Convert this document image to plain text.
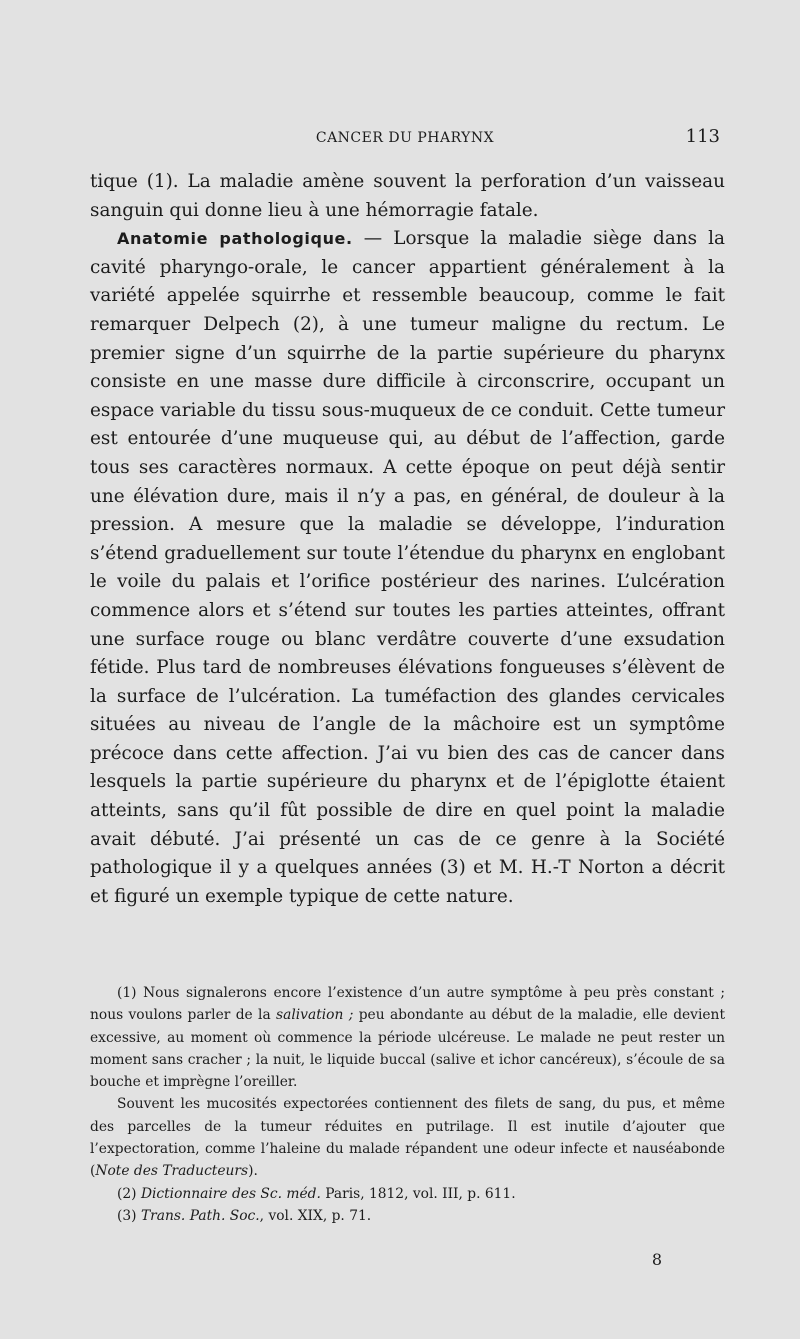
CANCER DU PHARYNX	113

tique (1). La maladie amène souvent la perforation d’un vaisseau sanguin qui donne lieu à une hémorragie fatale.

Anatomie pathologique. — Lorsque la maladie siège dans la cavité pharyngo-orale, le cancer appartient généralement à la variété appelée squirrhe et ressemble beaucoup, comme le fait remarquer Delpech (2), à une tumeur maligne du rectum. Le premier signe d’un squirrhe de la partie supérieure du pharynx consiste en une masse dure difficile à circonscrire, occupant un espace variable du tissu sous-muqueux de ce conduit. Cette tumeur est entourée d’une muqueuse qui, au début de l’affection, garde tous ses caractères normaux. A cette époque on peut déjà sentir une élévation dure, mais il n’y a pas, en général, de douleur à la pression. A mesure que la maladie se développe, l’induration s’étend graduellement sur toute l’étendue du pharynx en englobant le voile du palais et l’orifice postérieur des narines. L’ulcération commence alors et s’étend sur toutes les parties atteintes, offrant une surface rouge ou blanc verdâtre couverte d’une exsudation fétide. Plus tard de nombreuses élévations fongueuses s’élèvent de la surface de l’ulcération. La tuméfaction des glandes cervicales situées au niveau de l’angle de la mâchoire est un symptôme précoce dans cette affection. J’ai vu bien des cas de cancer dans lesquels la partie supérieure du pharynx et de l’épiglotte étaient atteints, sans qu’il fût possible de dire en quel point la maladie avait débuté. J’ai présenté un cas de ce genre à la Société pathologique il y a quelques années (3) et M. H.-T Norton a décrit et figuré un exemple typique de cette nature.

(1) Nous signalerons encore l’existence d’un autre symptôme à peu près constant ; nous voulons parler de la salivation ; peu abondante au début de la maladie, elle devient excessive, au moment où commence la période ulcéreuse. Le malade ne peut rester un moment sans cracher ; la nuit, le liquide buccal (salive et ichor cancéreux), s’écoule de sa bouche et imprègne l’oreiller.

Souvent les mucosités expectorées contiennent des filets de sang, du pus, et même des parcelles de la tumeur réduites en putrilage. Il est inutile d’ajouter que l’expectoration, comme l’haleine du malade répandent une odeur infecte et nauséabonde (Note des Traducteurs).

(2) Dictionnaire des Sc. méd. Paris, 1812, vol. III, p. 611.

(3) Trans. Path. Soc., vol. XIX, p. 71.

8
